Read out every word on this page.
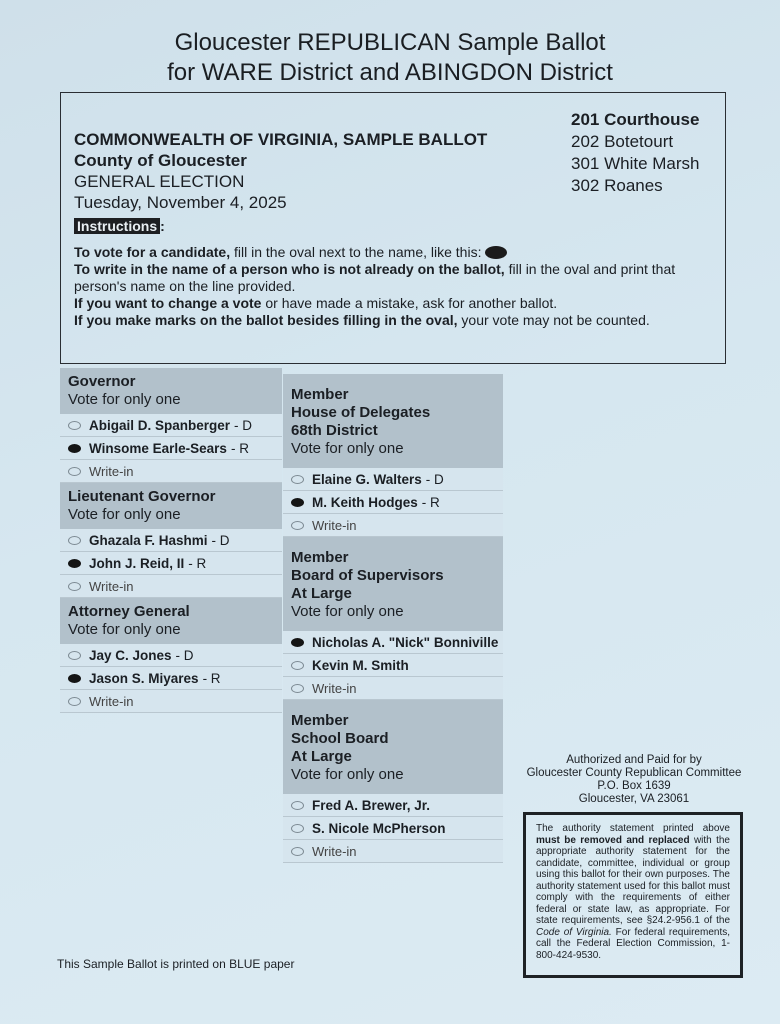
Gloucester REPUBLICAN Sample Ballot
for WARE District and ABINGDON District
COMMONWEALTH OF VIRGINIA, SAMPLE BALLOT
County of Gloucester
GENERAL ELECTION
Tuesday, November 4, 2025
201 Courthouse
202 Botetourt
301 White Marsh
302 Roanes
Instructions :

To vote for a candidate, fill in the oval next to the name, like this:

To write in the name of a person who is not already on the ballot, fill in the oval and print that person's name on the line provided.

If you want to change a vote or have made a mistake, ask for another ballot.

If you make marks on the ballot besides filling in the oval, your vote may not be counted.

Governor
Vote for only one
Abigail D. Spanberger - D
Winsome Earle-Sears - R
Write-in
Lieutenant Governor
Vote for only one
Ghazala F. Hashmi - D
John J. Reid, II - R
Write-in
Attorney General
Vote for only one
Jay C. Jones - D
Jason S. Miyares - R
Write-in
Member
House of Delegates
68th District
Vote for only one
Elaine G. Walters - D
M. Keith Hodges - R
Write-in
Member
Board of Supervisors
At Large
Vote for only one
Nicholas A. "Nick" Bonniville
Kevin M. Smith
Write-in
Member
School Board
At Large
Vote for only one
Fred A. Brewer, Jr.
S. Nicole McPherson
Write-in
Authorized and Paid for by
Gloucester County Republican Committee
P.O. Box 1639
Gloucester, VA 23061
The authority statement printed above must be removed and replaced with the appropriate authority statement for the candidate, committee, individual or group using this ballot for their own purposes. The authority statement used for this ballot must comply with the requirements of either federal or state law, as appropriate. For state requirements, see §24.2-956.1 of the Code of Virginia. For federal requirements, call the Federal Election Commission, 1-800-424-9530.
This Sample Ballot is printed on BLUE paper
